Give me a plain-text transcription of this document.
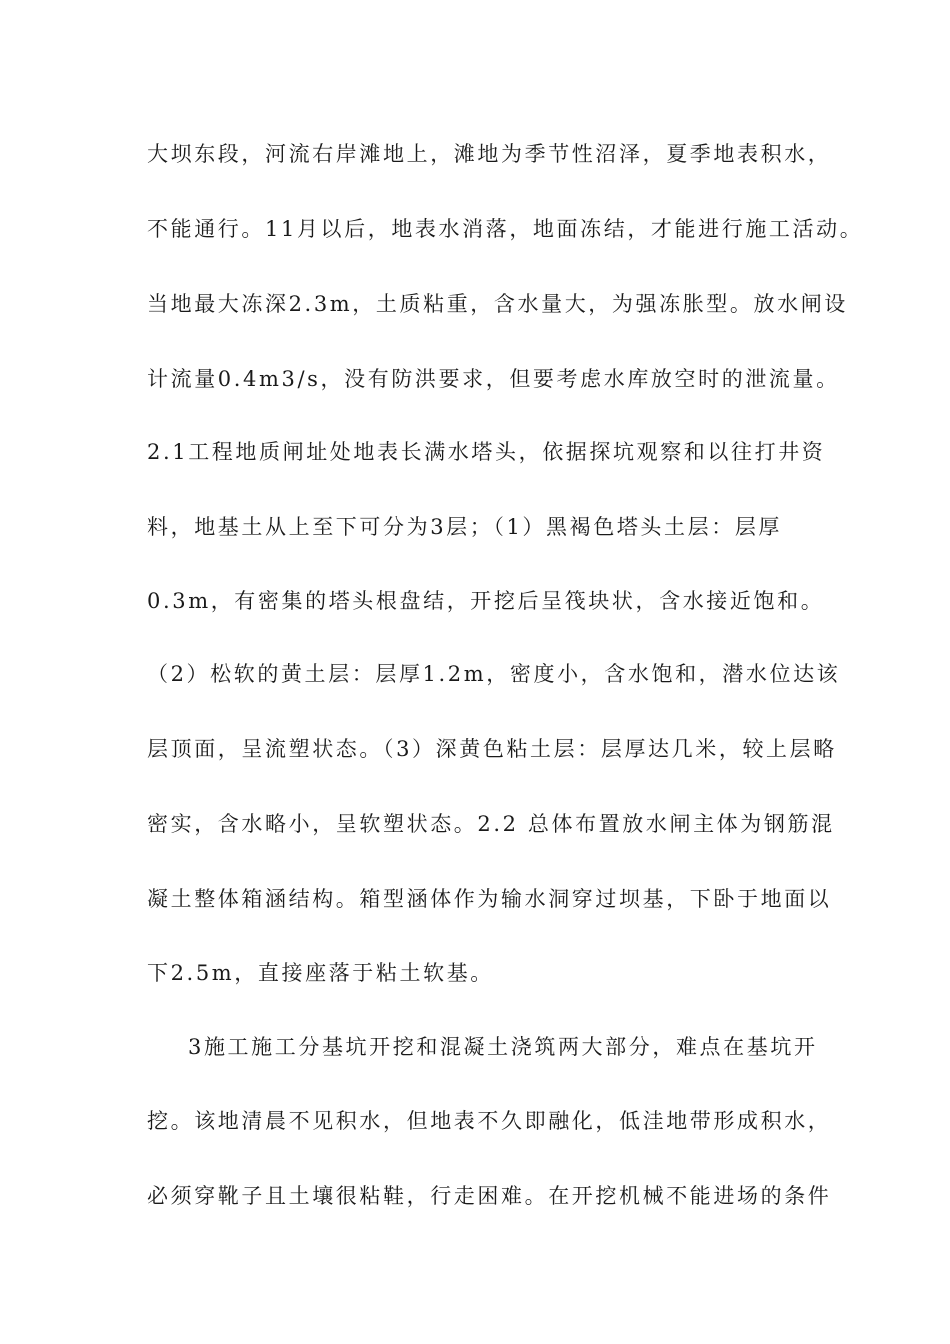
大坝东段，河流右岸滩地上，滩地为季节性沼泽，夏季地表积水，
不能通行。11月以后，地表水消落，地面冻结，才能进行施工活动。
当地最大冻深2.3m，土质粘重，含水量大，为强冻胀型。放水闸设
计流量0.4m3/s，没有防洪要求，但要考虑水库放空时的泄流量。
2.1工程地质闸址处地表长满水塔头，依据探坑观察和以往打井资
料，地基土从上至下可分为3层；（1）黑褐色塔头土层：层厚
0.3m，有密集的塔头根盘结，开挖后呈筏块状，含水接近饱和。
（2）松软的黄土层：层厚1.2m，密度小，含水饱和，潜水位达该
层顶面，呈流塑状态。（3）深黄色粘土层：层厚达几米，较上层略
密实，含水略小，呈软塑状态。2.2 总体布置放水闸主体为钢筋混
凝土整体箱涵结构。箱型涵体作为输水洞穿过坝基，下卧于地面以
下2.5m，直接座落于粘土软基。
3施工施工分基坑开挖和混凝土浇筑两大部分，难点在基坑开
挖。该地清晨不见积水，但地表不久即融化，低洼地带形成积水，
必须穿靴子且土壤很粘鞋，行走困难。在开挖机械不能进场的条件
